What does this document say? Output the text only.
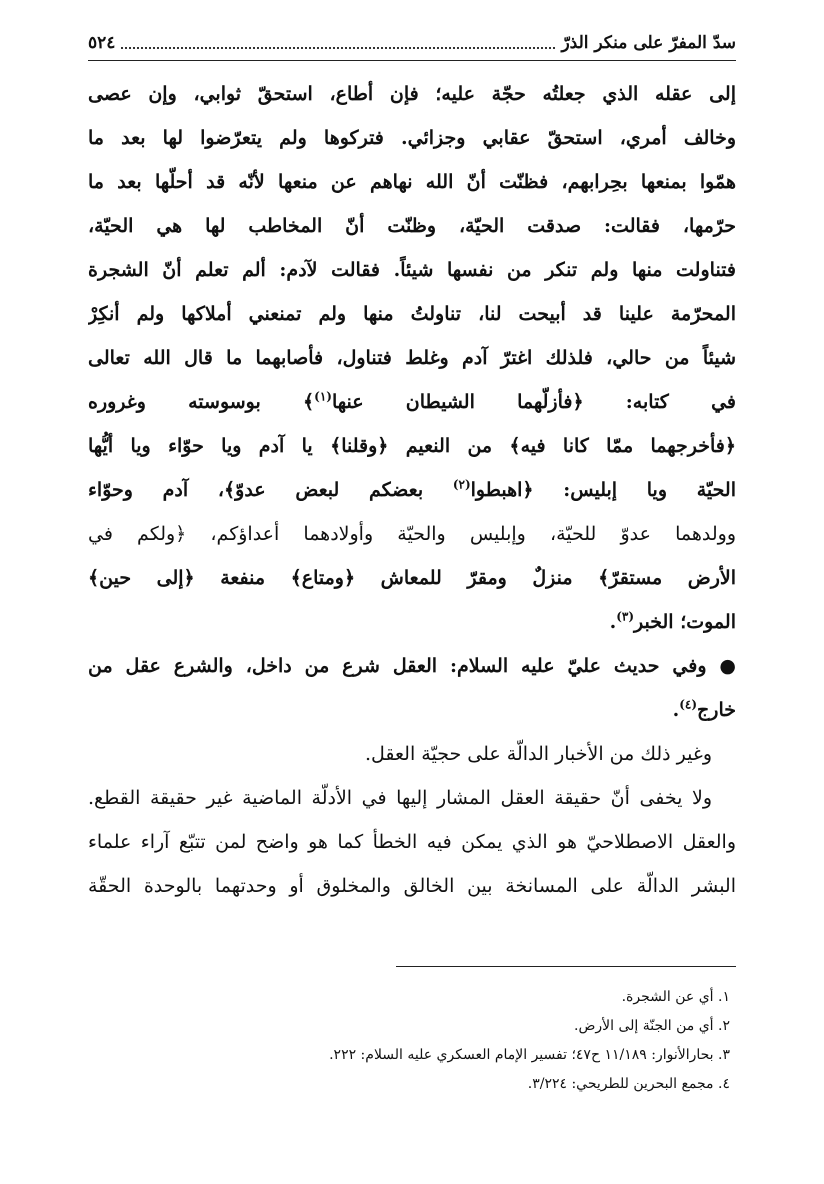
سدّ المفرّ على منكر الذرّ
٥٢٤
إلى عقله الذي جعلتُه حجّة عليه؛ فإن أطاع، استحقّ ثوابي، وإن عصى
وخالف أمري، استحقّ عقابي وجزائي. فتركوها ولم يتعرّضوا لها بعد ما
همّوا بمنعها بحِرابهم، فظنّت أنّ الله نهاهم عن منعها لأنّه قد أحلّها بعد ما
حرّمها، فقالت: صدقت الحيّة، وظنّت أنّ المخاطب لها هي الحيّة،
فتناولت منها ولم تنكر من نفسها شيئاً. فقالت لآدم: ألم تعلم أنّ الشجرة
المحرّمة علينا قد أبيحت لنا، تناولتُ منها ولم تمنعني أملاكها ولم أنكِرْ
شيئاً من حالي، فلذلك اغترّ آدم وغلط فتناول، فأصابهما ما قال الله تعالى
في كتابه: ﴿فأزلّهما الشيطان عنها$^{(١)}$﴾ بوسوسته وغروره
﴿فأخرجهما ممّا كانا فيه﴾ من النعيم ﴿وقلنا﴾ يا آدم ويا حوّاء ويا أيُّها
الحيّة ويا إبليس: ﴿اهبطوا$^{(٢)}$ بعضكم لبعض عدوّ﴾، آدم وحوّاء
وولدهما عدوّ للحيّة، وإبليس والحيّة وأولادهما أعداؤكم، ﴿ولكم في
الأرض مستقرّ﴾ منزلٌ ومقرّ للمعاش ﴿ومتاع﴾ منفعة ﴿إلى حين﴾
الموت؛ الخبر$^{(٣)}$.
● وفي حديث عليّ عليه السلام: العقل شرع من داخل، والشرع عقل من
خارج$^{(٤)}$.
وغير ذلك من الأخبار الدالّة على حجيّة العقل.
ولا يخفى أنّ حقيقة العقل المشار إليها في الأدلّة الماضية غير حقيقة القطع.
والعقل الاصطلاحيّ هو الذي يمكن فيه الخطأ كما هو واضح لمن تتبّع آراء علماء
البشر الدالّة على المسانخة بين الخالق والمخلوق أو وحدتهما بالوحدة الحقّة
١. أي عن الشجرة.
٢. أي من الجنّة إلى الأرض.
٣. بحارالأنوار: ١١/١٨٩ ح٤٧؛ تفسير الإمام العسكري عليه السلام: ٢٢٢.
٤. مجمع البحرين للطريحي: ٣/٢٢٤.
